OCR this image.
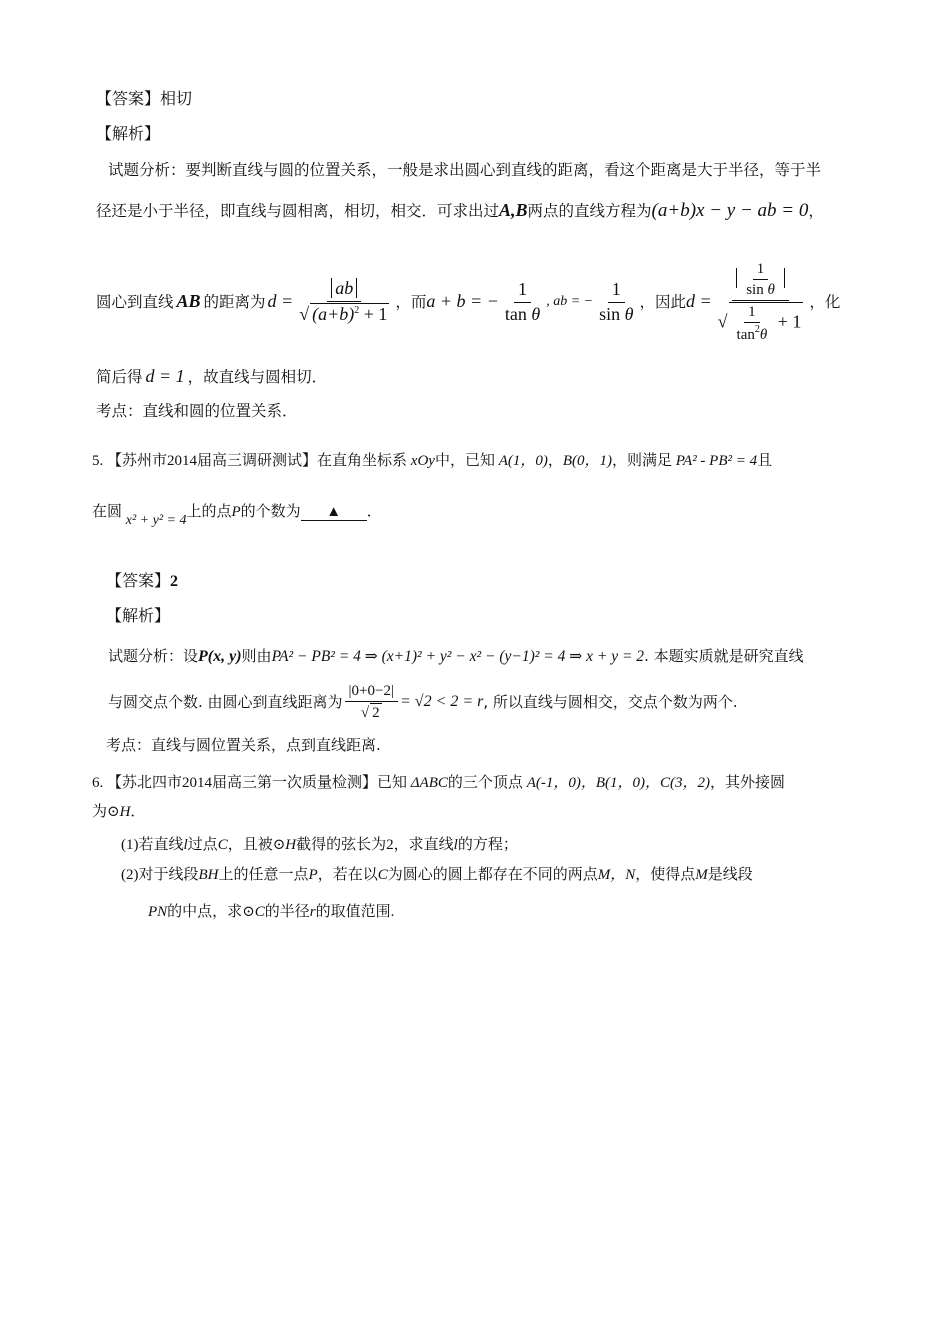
【答案】相切
【解析】
试题分析：要判断直线与圆的位置关系，一般是求出圆心到直线的距离，看这个距离是大于半径，等于半
径还是小于半径，即直线与圆相离，相切，相交．可求出过A,B两点的直线方程为(a+b)x − y − ab = 0，
圆心到直线 AB 的距离为 $d = \frac{ab}{√ (a+b)^2 + 1}$ ，而 a + b = − $\frac{1}{\text{tan θ}}$ , ab = − $\frac{1}{\text{sin θ}}$ ，因此 $d = \frac{\frac{1}{\text{sin θ}}}{√ \frac{1}{\tan^2\theta} + 1}$ ，化
简后得 d = 1 ，故直线与圆相切．
考点：直线和圆的位置关系．
5. 【苏州市2014届高三调研测试】在直角坐标系 xOy中，已知 A(1，0)，B(0，1)，则满足 PA² - PB² = 4且
在圆 x² + y² = 4上的点P的个数为 ▲ ．
【答案】2
【解析】
试题分析：设P(x, y)则由PA² − PB² = 4 ⇒ (x+1)² + y² − x² − (y−1)² = 4 ⇒ x + y = 2. 本题实质就是研究直线
与圆交点个数. 由圆心到直线距离为 $\frac{|0+0-2|}{√ 2} = √2 < 2 = r$ , 所以直线与圆相交，交点个数为两个.
考点：直线与圆位置关系，点到直线距离.
6. 【苏北四市2014届高三第一次质量检测】已知 ΔABC的三个顶点 A(-1，0)，B(1，0)，C(3，2)，其外接圆
为⊙H．
(1)若直线l过点C，且被⊙H截得的弦长为2，求直线l的方程；
(2)对于线段BH上的任意一点P，若在以C为圆心的圆上都存在不同的两点M，N，使得点M是线段
PN的中点，求⊙C的半径r的取值范围.
